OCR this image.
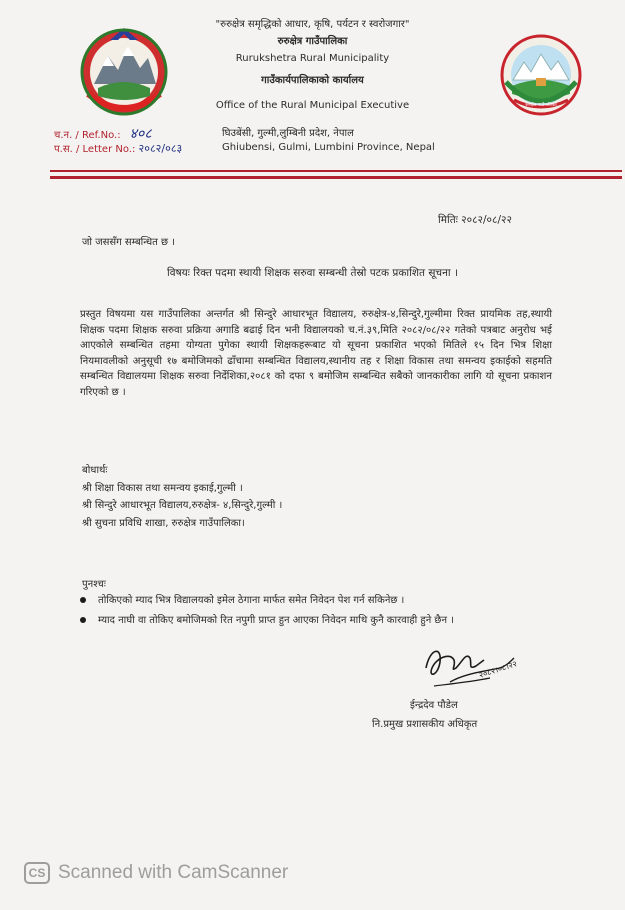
"रुरुक्षेत्र समृद्धिको आधार, कृषि, पर्यटन र स्वरोजगार"
रुरुक्षेत्र गाउँपालिका
Rurukshetra Rural Municipality
गाउँकार्यपालिकाको कार्यालय
Office of the Rural Municipal Executive
घिउबेंसी, गुल्मी,लुम्बिनी प्रदेश, नेपाल
Ghiubensi, Gulmi, Lumbini Province, Nepal
च.न. / Ref.No.: ४०८
प.स. / Letter No.: २०८२/०८३
रुरुक्षेत्र गाउँपालिका
मितिः २०८२/०८/२२
जो जससँग सम्बन्धित छ ।
विषयः रिक्त पदमा स्थायी शिक्षक सरुवा सम्बन्धी तेस्रो पटक प्रकाशित सूचना ।
प्रस्तुत विषयमा यस गाउँपालिका अन्तर्गत श्री सिन्दुरे आधारभूत विद्यालय, रुरुक्षेत्र-४,सिन्दुरे,गुल्मीमा रिक्त प्रायमिक तह,स्थायी शिक्षक पदमा शिक्षक सरुवा प्रक्रिया अगाडि बढाई दिन भनी विद्यालयको च.नं.३९,मिति २०८२/०८/२२ गतेको पत्रबाट अनुरोध भई आएकोले सम्बन्धित तहमा योग्यता पुगेका स्थायी शिक्षकहरूबाट यो सूचना प्रकाशित भएको मितिले १५ दिन भित्र शिक्षा नियमावलीको अनुसूची १७ बमोजिमको ढाँचामा सम्बन्धित विद्यालय,स्थानीय तह र शिक्षा विकास तथा समन्वय इकाईको सहमति सम्बन्धित विद्यालयमा शिक्षक सरुवा निर्देशिका,२०८१ को दफा ९ बमोजिम सम्बन्धित सबैको जानकारीका लागि यो सूचना प्रकाशन गरिएको छ ।
बोधार्थः
श्री शिक्षा विकास तथा समन्वय इकाई,गुल्मी ।
श्री सिन्दुरे आधारभूत विद्यालय,रुरुक्षेत्र- ४,सिन्दुरे,गुल्मी ।
श्री सुचना प्रविधि शाखा, रुरुक्षेत्र गाउँपालिका।
पुनश्चः
तोकिएको म्याद भित्र विद्यालयको इमेल ठेगाना मार्फत समेत निवेदन पेश गर्न सकिनेछ ।
म्याद नाघी वा तोकिए बमोजिमको रित नपुगी प्राप्त हुन आएका निवेदन माथि कुनै कारवाही हुने छैन ।
२०८२।०८।२२
ईन्द्रदेव पौडेल
नि.प्रमुख प्रशासकीय अधिकृत
CS Scanned with CamScanner
